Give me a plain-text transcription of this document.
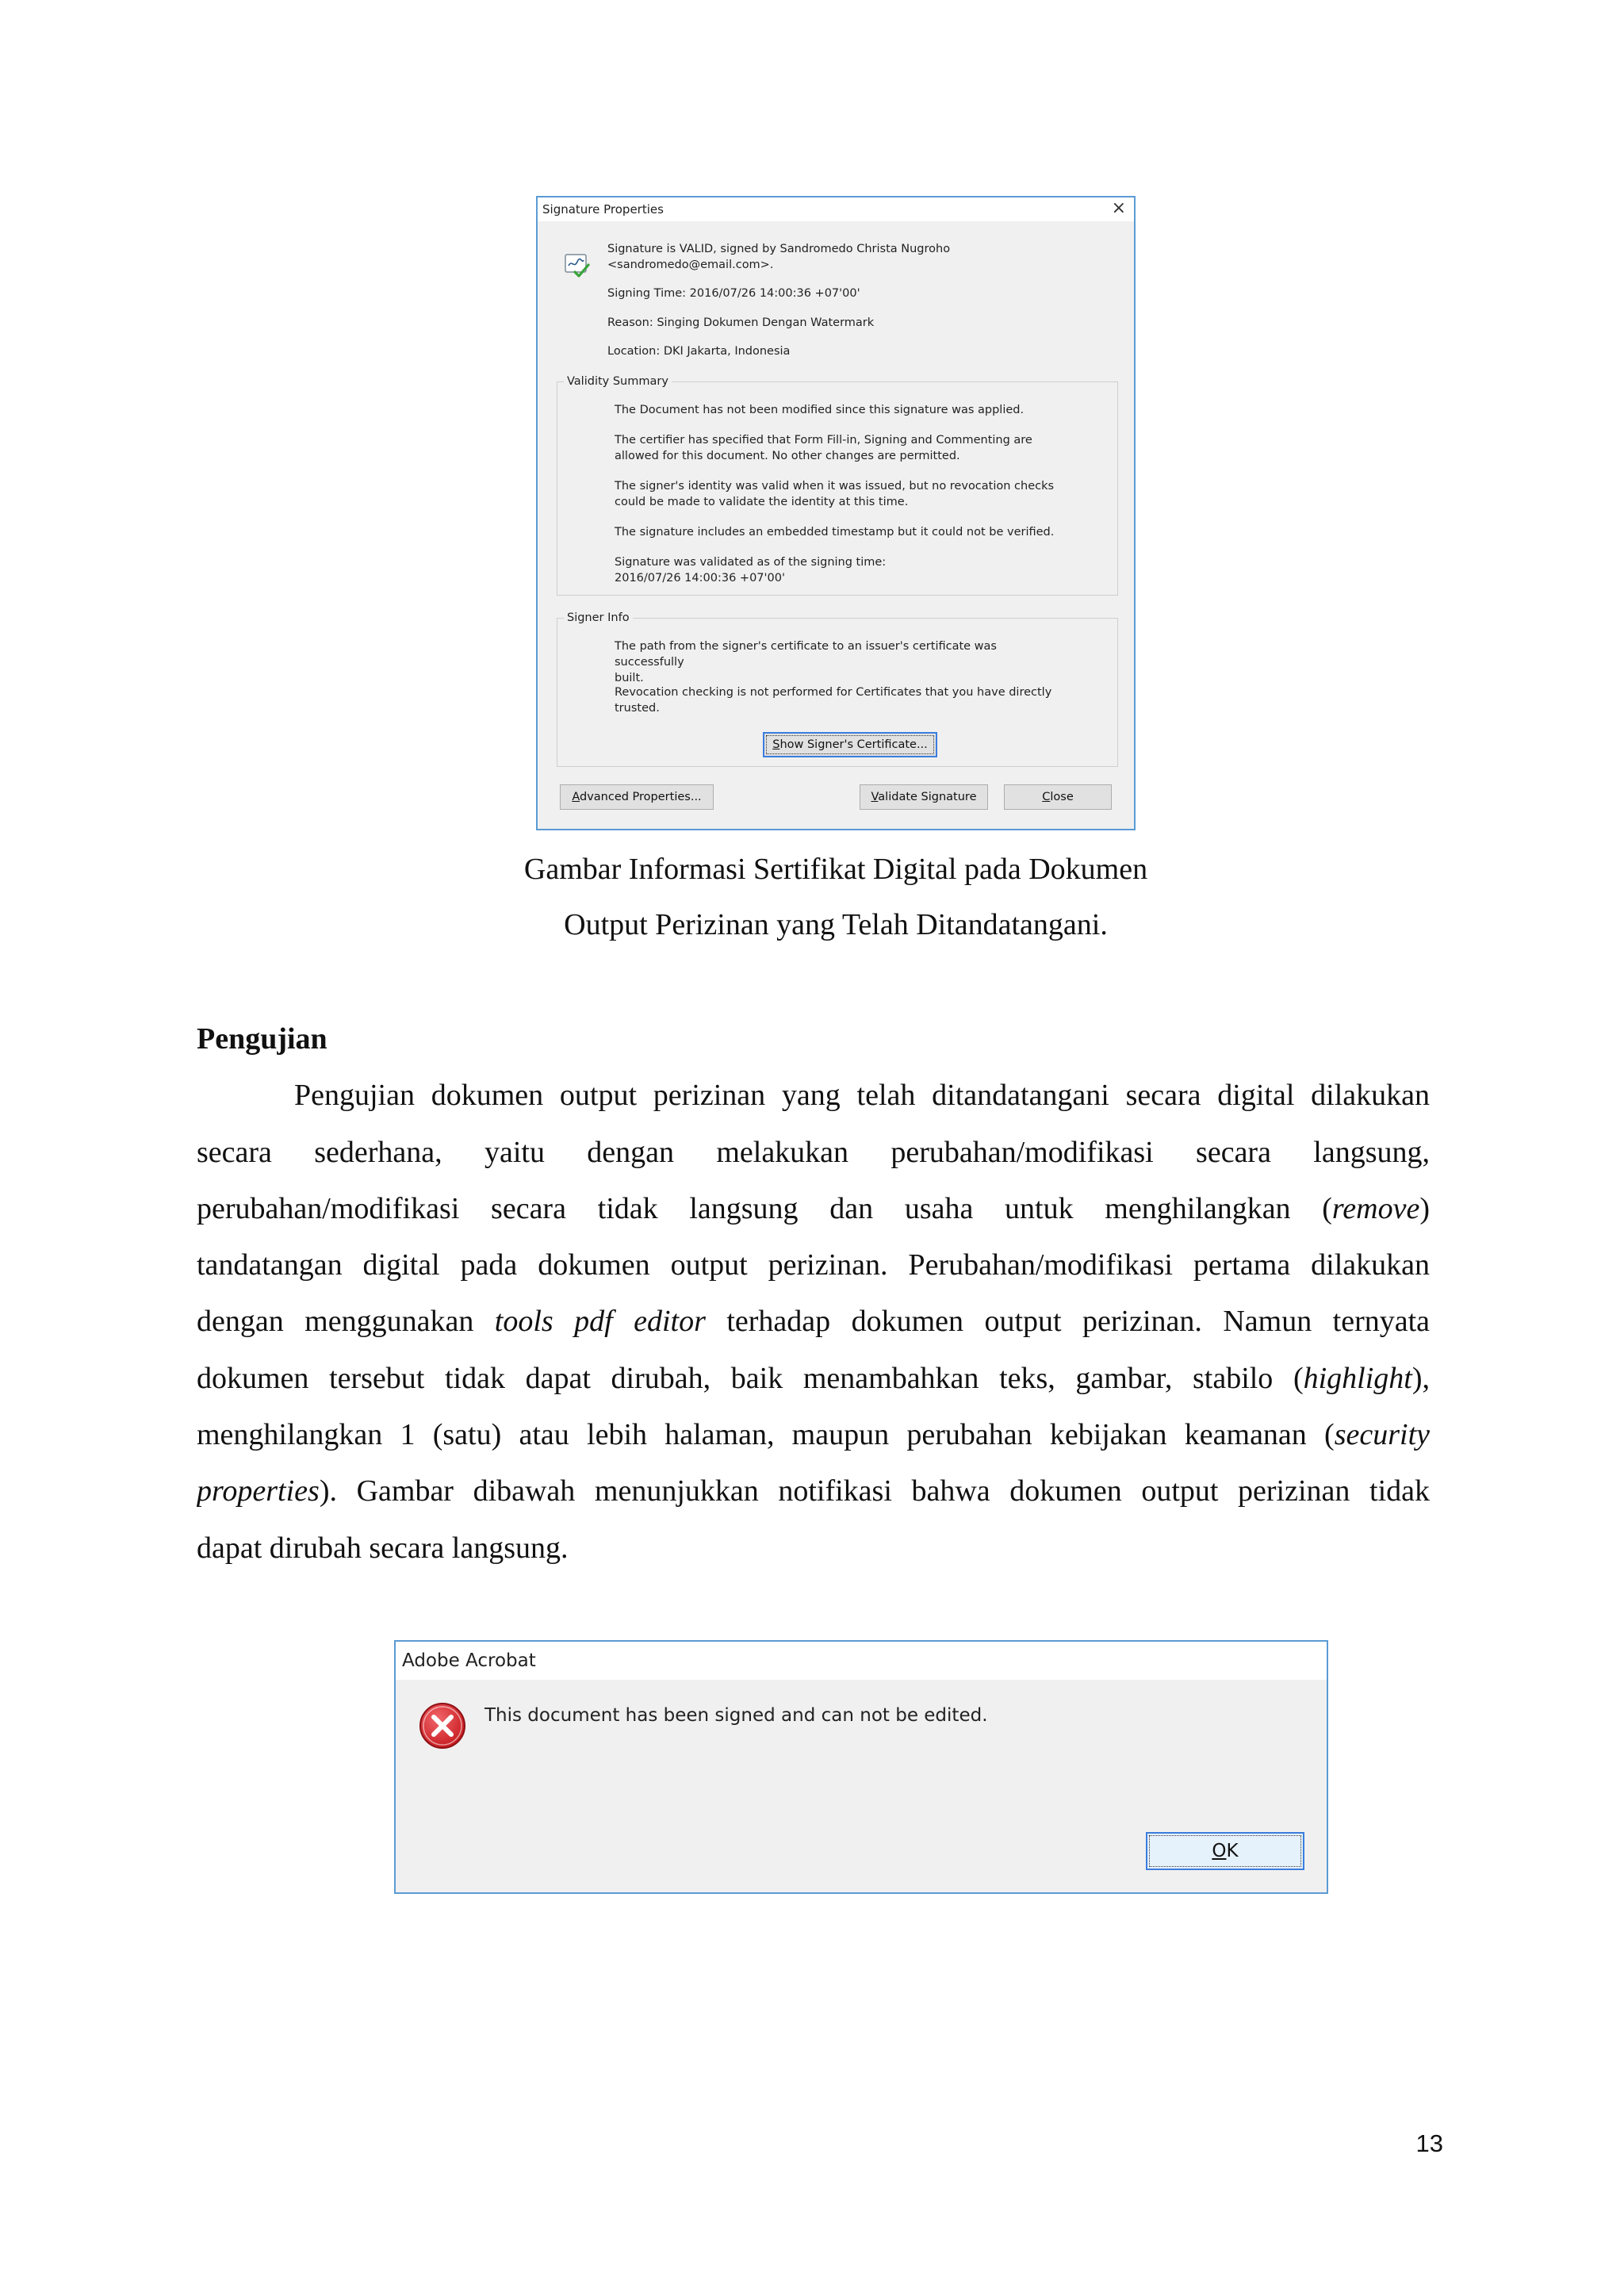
Signature Properties	×
Signature is VALID, signed by Sandromedo Christa Nugroho
<sandromedo@email.com>.
Signing Time: 2016/07/26 14:00:36 +07'00'
Reason: Singing Dokumen Dengan Watermark
Location: DKI Jakarta, Indonesia
Validity Summary
The Document has not been modified since this signature was applied.
The certifier has specified that Form Fill-in, Signing and Commenting are
allowed for this document. No other changes are permitted.
The signer's identity was valid when it was issued, but no revocation checks
could be made to validate the identity at this time.
The signature includes an embedded timestamp but it could not be verified.
Signature was validated as of the signing time:
2016/07/26 14:00:36 +07'00'
Signer Info
The path from the signer's certificate to an issuer's certificate was successfully
built.
Revocation checking is not performed for Certificates that you have directly
trusted.
Show Signer's Certificate...
Advanced Properties...	Validate Signature	Close
Gambar Informasi Sertifikat Digital pada Dokumen
Output Perizinan yang Telah Ditandatangani.
Pengujian
Pengujian dokumen output perizinan yang telah ditandatangani secara digital dilakukan
secara sederhana, yaitu dengan melakukan perubahan/modifikasi secara langsung,
perubahan/modifikasi secara tidak langsung dan usaha untuk menghilangkan (remove)
tandatangan digital pada dokumen output perizinan. Perubahan/modifikasi pertama dilakukan
dengan menggunakan tools pdf editor terhadap dokumen output perizinan. Namun ternyata
dokumen tersebut tidak dapat dirubah, baik menambahkan teks, gambar, stabilo (highlight),
menghilangkan 1 (satu) atau lebih halaman, maupun perubahan kebijakan keamanan (security
properties). Gambar dibawah menunjukkan notifikasi bahwa dokumen output perizinan tidak
dapat dirubah secara langsung.
Adobe Acrobat
This document has been signed and can not be edited.
OK
13
